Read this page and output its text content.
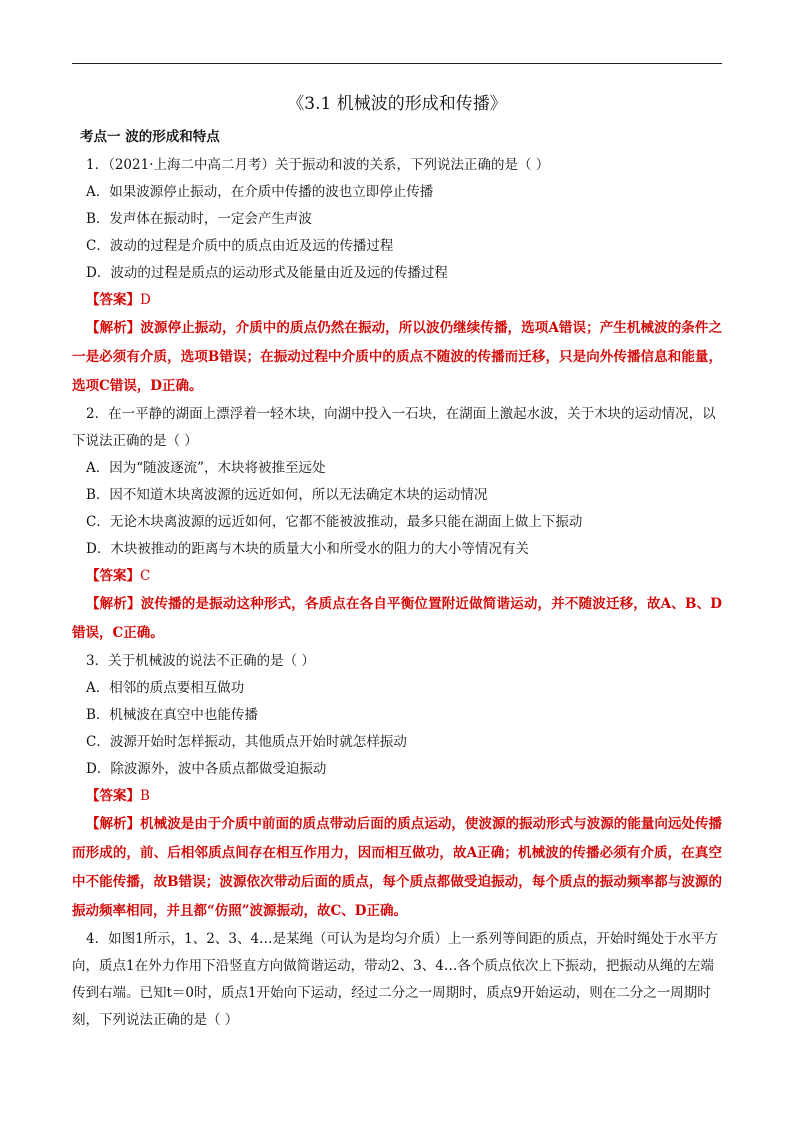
《3.1 机械波的形成和传播》
考点一 波的形成和特点

1．（2021·上海二中高二月考）关于振动和波的关系，下列说法正确的是（ ）

A．如果波源停止振动，在介质中传播的波也立即停止传播

B．发声体在振动时，一定会产生声波

C．波动的过程是介质中的质点由近及远的传播过程

D．波动的过程是质点的运动形式及能量由近及远的传播过程

【答案】D

【解析】波源停止振动，介质中的质点仍然在振动，所以波仍继续传播，选项A错误；产生机械波的条件之一是必须有介质，选项B错误；在振动过程中介质中的质点不随波的传播而迁移，只是向外传播信息和能量，选项C错误，D正确。

2．在一平静的湖面上漂浮着一轻木块，向湖中投入一石块，在湖面上激起水波，关于木块的运动情况，以下说法正确的是（ ）

A．因为“随波逐流”，木块将被推至远处

B．因不知道木块离波源的远近如何，所以无法确定木块的运动情况

C．无论木块离波源的远近如何，它都不能被波推动，最多只能在湖面上做上下振动

D．木块被推动的距离与木块的质量大小和所受水的阻力的大小等情况有关

【答案】C

【解析】波传播的是振动这种形式，各质点在各自平衡位置附近做简谐运动，并不随波迁移，故A、B、D错误，C正确。

3．关于机械波的说法不正确的是（ ）

A．相邻的质点要相互做功

B．机械波在真空中也能传播

C．波源开始时怎样振动，其他质点开始时就怎样振动

D．除波源外，波中各质点都做受迫振动

【答案】B

【解析】机械波是由于介质中前面的质点带动后面的质点运动，使波源的振动形式与波源的能量向远处传播而形成的，前、后相邻质点间存在相互作用力，因而相互做功，故A正确；机械波的传播必须有介质，在真空中不能传播，故B错误；波源依次带动后面的质点，每个质点都做受迫振动，每个质点的振动频率都与波源的振动频率相同，并且都“仿照”波源振动，故C、D正确。

4．如图1所示，1、2、3、4…是某绳（可认为是均匀介质）上一系列等间距的质点，开始时绳处于水平方向，质点1在外力作用下沿竖直方向做简谐运动，带动2、3、4…各个质点依次上下振动，把振动从绳的左端传到右端。已知t＝0时，质点1开始向下运动，经过二分之一周期时，质点9开始运动，则在二分之一周期时刻，下列说法正确的是（ ）
